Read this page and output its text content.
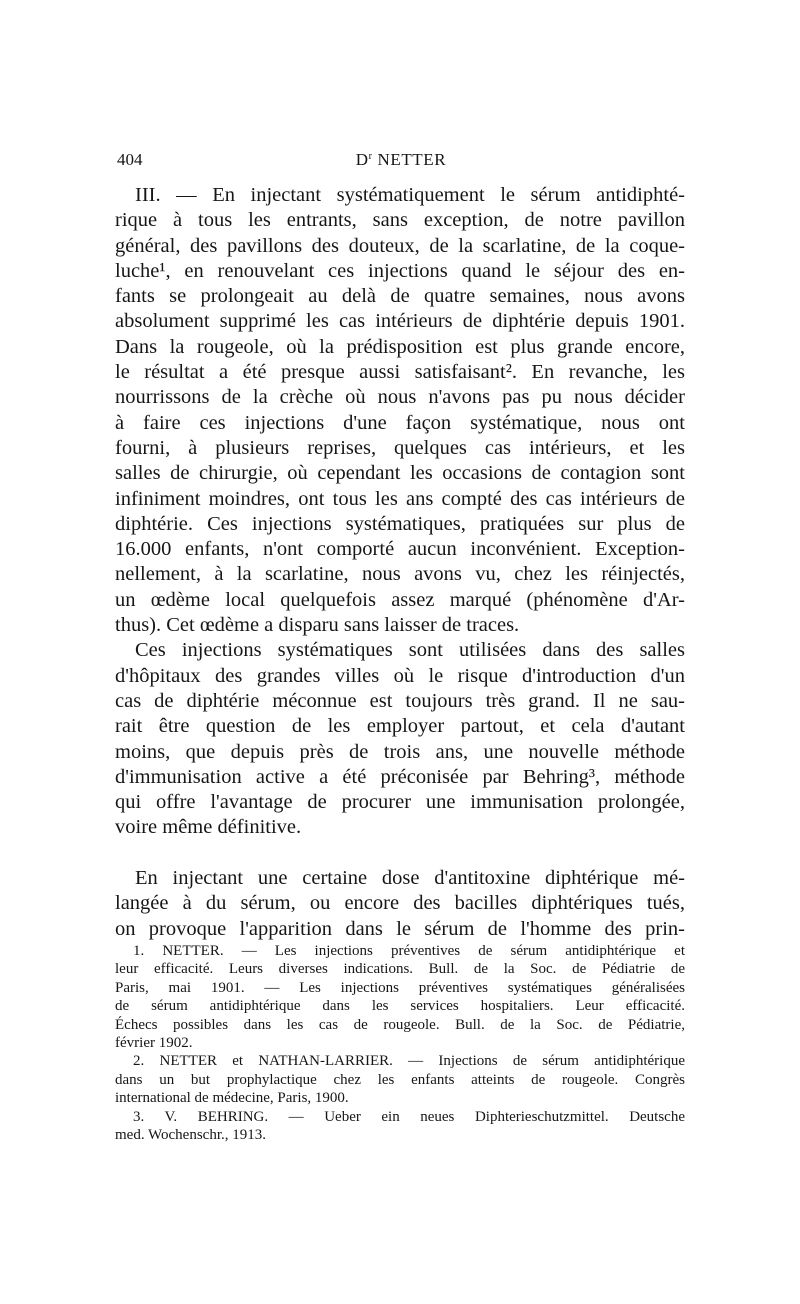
404	$D^r$ NETTER
III. — En injectant systématiquement le sérum antidiphté-
rique à tous les entrants, sans exception, de notre pavillon
général, des pavillons des douteux, de la scarlatine, de la coque-
luche¹, en renouvelant ces injections quand le séjour des en-
fants se prolongeait au delà de quatre semaines, nous avons
absolument supprimé les cas intérieurs de diphtérie depuis 1901.
Dans la rougeole, où la prédisposition est plus grande encore,
le résultat a été presque aussi satisfaisant². En revanche, les
nourrissons de la crèche où nous n'avons pas pu nous décider
à faire ces injections d'une façon systématique, nous ont
fourni, à plusieurs reprises, quelques cas intérieurs, et les
salles de chirurgie, où cependant les occasions de contagion sont
infiniment moindres, ont tous les ans compté des cas intérieurs de
diphtérie. Ces injections systématiques, pratiquées sur plus de
16.000 enfants, n'ont comporté aucun inconvénient. Exception-
nellement, à la scarlatine, nous avons vu, chez les réinjectés,
un œdème local quelquefois assez marqué (phénomène d'Ar-
thus). Cet œdème a disparu sans laisser de traces.
Ces injections systématiques sont utilisées dans des salles
d'hôpitaux des grandes villes où le risque d'introduction d'un
cas de diphtérie méconnue est toujours très grand. Il ne sau-
rait être question de les employer partout, et cela d'autant
moins, que depuis près de trois ans, une nouvelle méthode
d'immunisation active a été préconisée par Behring³, méthode
qui offre l'avantage de procurer une immunisation prolongée,
voire même définitive.
En injectant une certaine dose d'antitoxine diphtérique mé-
langée à du sérum, ou encore des bacilles diphtériques tués,
on provoque l'apparition dans le sérum de l'homme des prin-
1. NETTER. — Les injections préventives de sérum antidiphtérique et
leur efficacité. Leurs diverses indications. Bull. de la Soc. de Pédiatrie de
Paris, mai 1901. — Les injections préventives systématiques généralisées
de sérum antidiphtérique dans les services hospitaliers. Leur efficacité.
Échecs possibles dans les cas de rougeole. Bull. de la Soc. de Pédiatrie,
février 1902.
2. NETTER et NATHAN-LARRIER. — Injections de sérum antidiphtérique
dans un but prophylactique chez les enfants atteints de rougeole. Congrès
international de médecine, Paris, 1900.
3. V. BEHRING. — Ueber ein neues Diphterieschutzmittel. Deutsche
med. Wochenschr., 1913.
